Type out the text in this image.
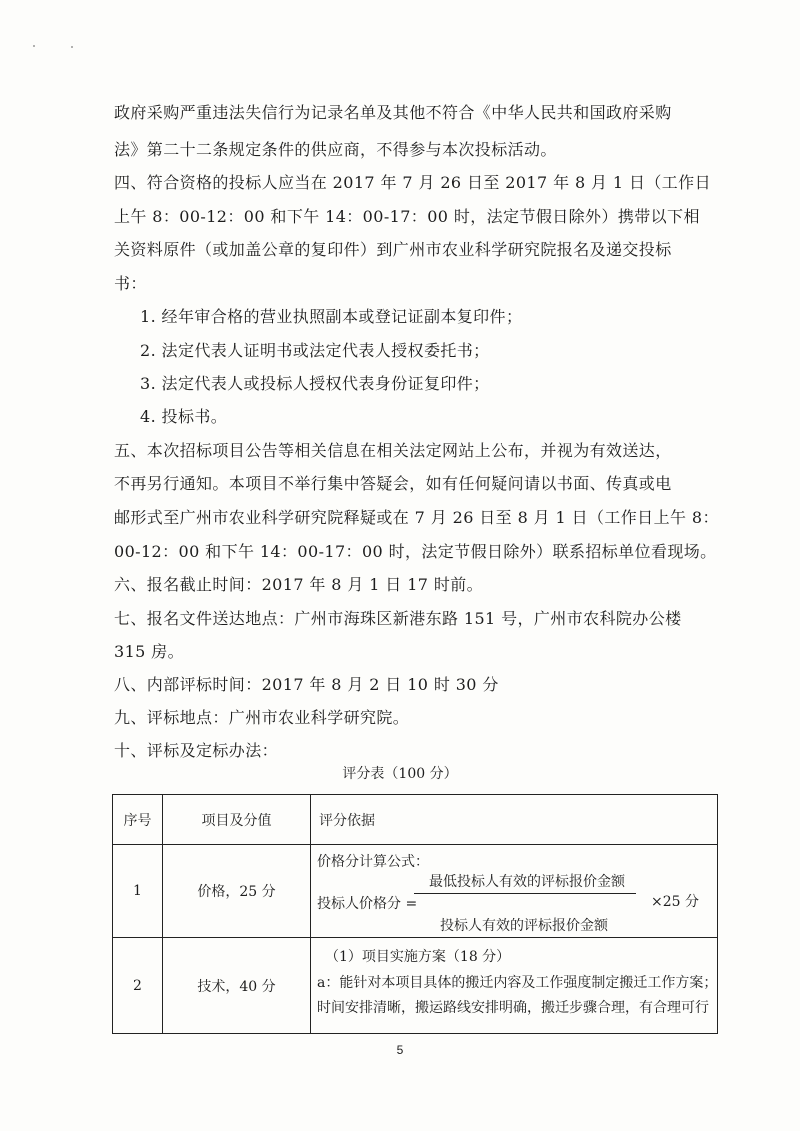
政府采购严重违法失信行为记录名单及其他不符合《中华人民共和国政府采购
法》第二十二条规定条件的供应商，不得参与本次投标活动。
四、符合资格的投标人应当在 2017 年 7 月 26 日至 2017 年 8 月 1 日（工作日
上午 8：00-12：00 和下午 14：00-17：00 时，法定节假日除外）携带以下相
关资料原件（或加盖公章的复印件）到广州市农业科学研究院报名及递交投标
书：
1. 经年审合格的营业执照副本或登记证副本复印件；
2. 法定代表人证明书或法定代表人授权委托书；
3. 法定代表人或投标人授权代表身份证复印件；
4. 投标书。
五、本次招标项目公告等相关信息在相关法定网站上公布，并视为有效送达，
不再另行通知。本项目不举行集中答疑会，如有任何疑问请以书面、传真或电
邮形式至广州市农业科学研究院释疑或在 7 月 26 日至 8 月 1 日（工作日上午 8：
00-12：00 和下午 14：00-17：00 时，法定节假日除外）联系招标单位看现场。
六、报名截止时间：2017 年 8 月 1 日 17 时前。
七、报名文件送达地点：广州市海珠区新港东路 151 号，广州市农科院办公楼
315 房。
八、内部评标时间：2017 年 8 月 2 日 10 时 30 分
九、评标地点：广州市农业科学研究院。
十、评标及定标办法：
评分表（100 分）
序号	项目及分值	评分依据
1	价格，25 分	价格分计算公式：
最低投标人有效的评标报价金额
投标人价格分 =
投标人有效的评标报价金额
×25 分

2	技术，40 分	（1）项目实施方案（18 分）
a：能针对本项目具体的搬迁内容及工作强度制定搬迁工作方案；
时间安排清晰，搬运路线安排明确，搬迁步骤合理，有合理可行
5
